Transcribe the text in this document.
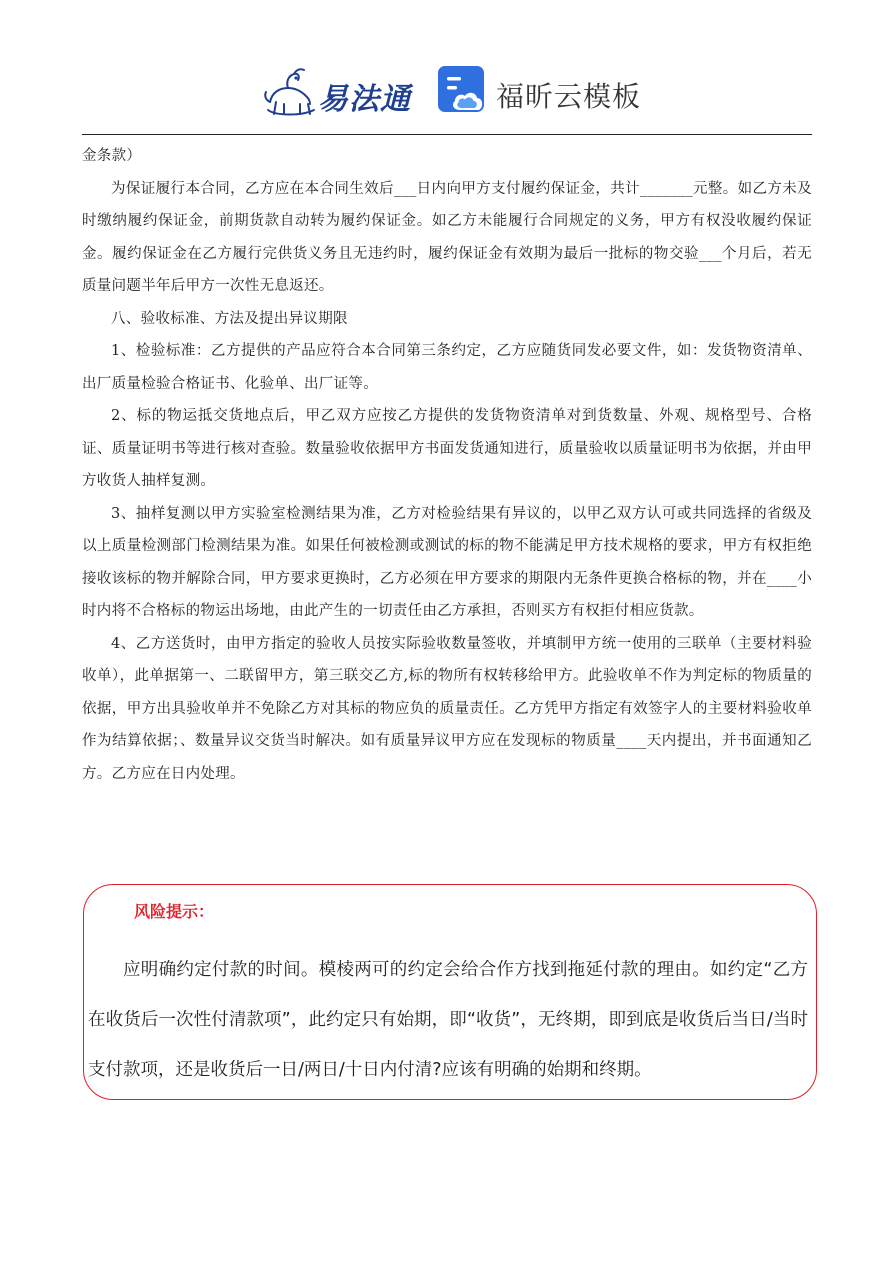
易法通	福昕云模板

金条款）

为保证履行本合同，乙方应在本合同生效后___日内向甲方支付履约保证金，共计_______元整。如乙方未及时缴纳履约保证金，前期货款自动转为履约保证金。如乙方未能履行合同规定的义务，甲方有权没收履约保证金。履约保证金在乙方履行完供货义务且无违约时，履约保证金有效期为最后一批标的物交验___个月后，若无质量问题半年后甲方一次性无息返还。

八、验收标准、方法及提出异议期限

1、检验标准：乙方提供的产品应符合本合同第三条约定，乙方应随货同发必要文件，如：发货物资清单、出厂质量检验合格证书、化验单、出厂证等。

2、标的物运抵交货地点后，甲乙双方应按乙方提供的发货物资清单对到货数量、外观、规格型号、合格证、质量证明书等进行核对查验。数量验收依据甲方书面发货通知进行，质量验收以质量证明书为依据，并由甲方收货人抽样复测。

3、抽样复测以甲方实验室检测结果为准，乙方对检验结果有异议的，以甲乙双方认可或共同选择的省级及以上质量检测部门检测结果为准。如果任何被检测或测试的标的物不能满足甲方技术规格的要求，甲方有权拒绝接收该标的物并解除合同，甲方要求更换时，乙方必须在甲方要求的期限内无条件更换合格标的物，并在____小时内将不合格标的物运出场地，由此产生的一切责任由乙方承担，否则买方有权拒付相应货款。

4、乙方送货时，由甲方指定的验收人员按实际验收数量签收，并填制甲方统一使用的三联单（主要材料验收单），此单据第一、二联留甲方，第三联交乙方,标的物所有权转移给甲方。此验收单不作为判定标的物质量的依据，甲方出具验收单并不免除乙方对其标的物应负的质量责任。乙方凭甲方指定有效签字人的主要材料验收单作为结算依据；、数量异议交货当时解决。如有质量异议甲方应在发现标的物质量____天内提出，并书面通知乙方。乙方应在日内处理。

风险提示：

应明确约定付款的时间。模棱两可的约定会给合作方找到拖延付款的理由。如约定“乙方在收货后一次性付清款项”，此约定只有始期，即“收货”，无终期，即到底是收货后当日/当时支付款项，还是收货后一日/两日/十日内付清?应该有明确的始期和终期。
